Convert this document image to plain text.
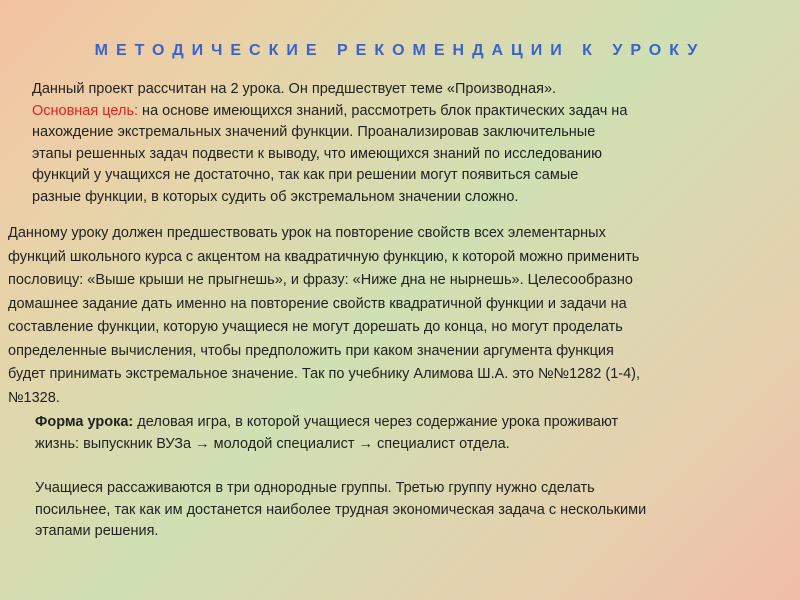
МЕТОДИЧЕСКИЕ РЕКОМЕНДАЦИИ К УРОКУ
Данный проект рассчитан на 2 урока. Он предшествует теме «Производная».
Основная цель: на основе имеющихся знаний, рассмотреть блок практических задач на
нахождение экстремальных значений функции. Проанализировав заключительные
этапы решенных задач подвести к выводу, что имеющихся знаний по исследованию
функций у учащихся не достаточно, так как при решении могут появиться самые
разные функции, в которых судить об экстремальном значении сложно.
Данному уроку должен предшествовать урок на повторение свойств всех элементарных
функций школьного курса с акцентом на квадратичную функцию, к которой можно применить
пословицу: «Выше крыши не прыгнешь», и фразу: «Ниже дна не нырнешь». Целесообразно
домашнее задание дать именно на повторение свойств квадратичной функции и задачи на
составление функции, которую учащиеся не могут дорешать до конца, но могут проделать
определенные вычисления, чтобы предположить при каком значении аргумента функция
будет принимать экстремальное значение. Так по учебнику Алимова Ш.А. это №№1282 (1-4),
№1328.
Форма урока: деловая игра, в которой учащиеся через содержание урока проживают
жизнь: выпускник ВУЗа → молодой специалист → специалист отдела.
Учащиеся рассаживаются в три однородные группы. Третью группу нужно сделать
посильнее, так как им достанется наиболее трудная экономическая задача с несколькими
этапами решения.
